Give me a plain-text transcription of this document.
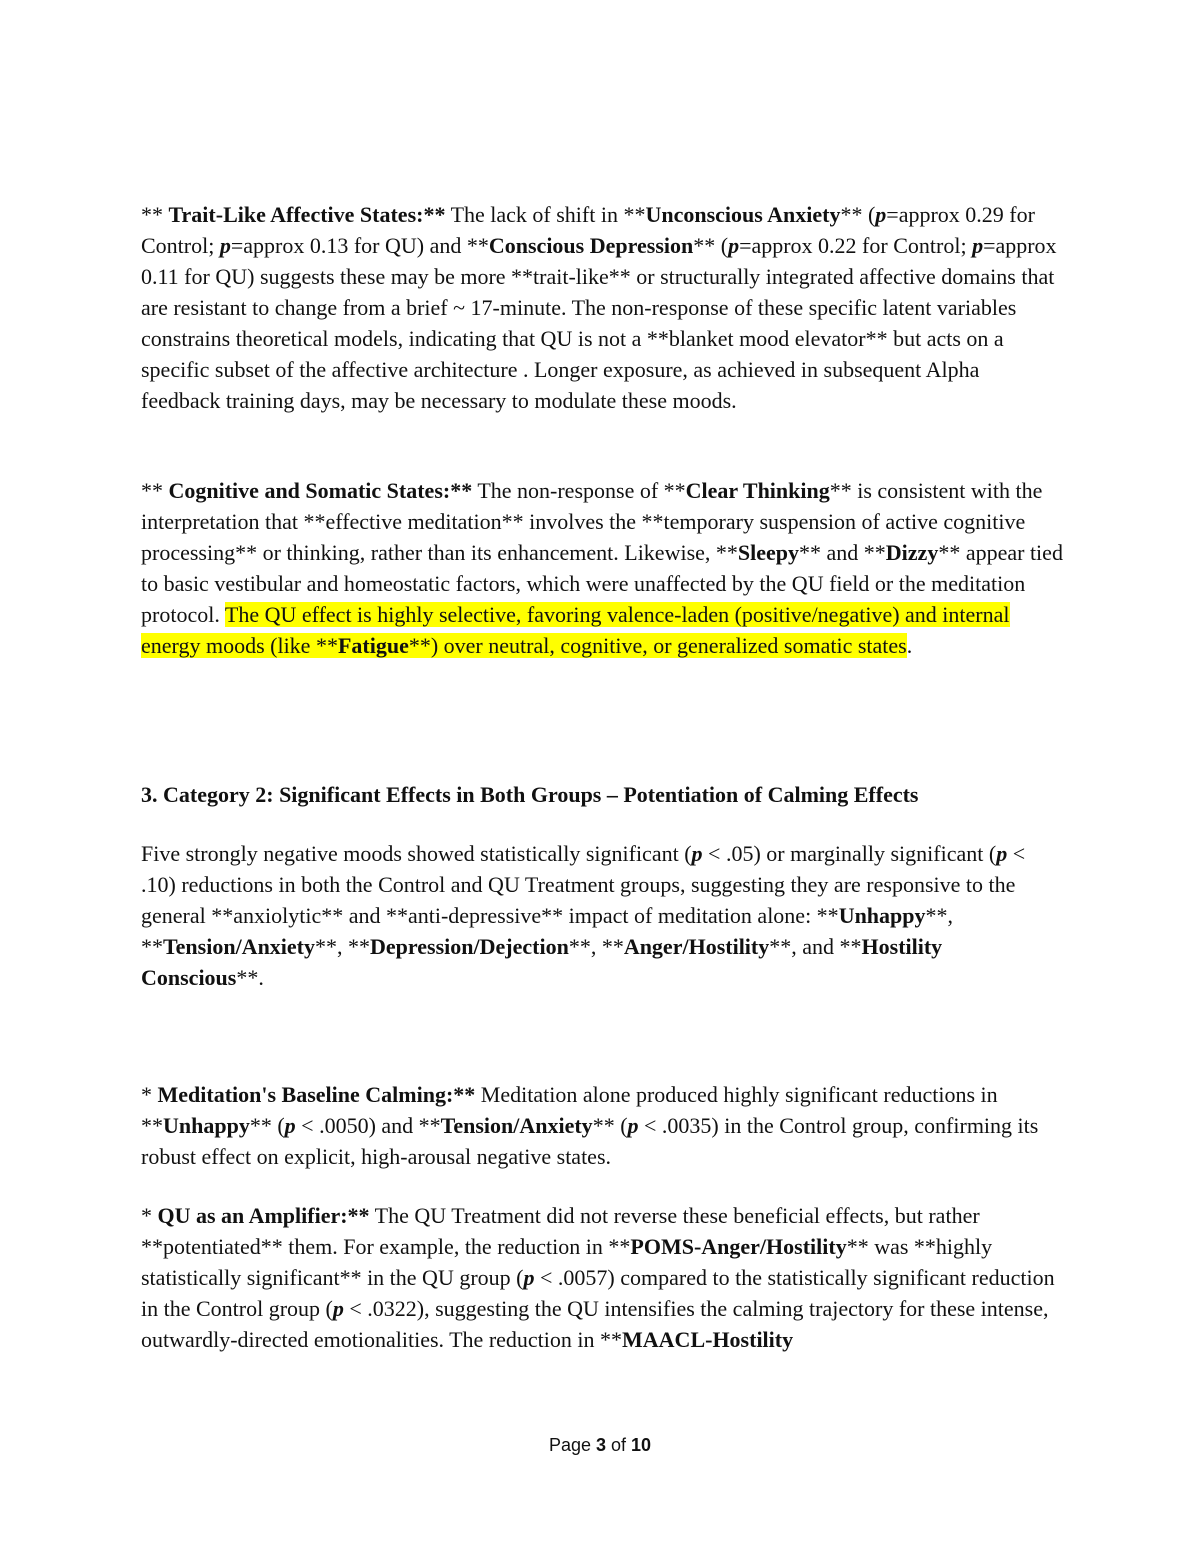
** Trait-Like Affective States:** The lack of shift in **Unconscious Anxiety** (p=approx 0.29 for Control; p=approx 0.13 for QU) and **Conscious Depression** (p=approx 0.22 for Control; p=approx 0.11 for QU) suggests these may be more **trait-like** or structurally integrated affective domains that are resistant to change from a brief ~ 17-minute. The non-response of these specific latent variables constrains theoretical models, indicating that QU is not a **blanket mood elevator** but acts on a specific subset of the affective architecture . Longer exposure, as achieved in subsequent Alpha feedback training days, may be necessary to modulate these moods.
** Cognitive and Somatic States:** The non-response of **Clear Thinking** is consistent with the interpretation that **effective meditation** involves the **temporary suspension of active cognitive processing** or thinking, rather than its enhancement. Likewise, **Sleepy** and **Dizzy** appear tied to basic vestibular and homeostatic factors, which were unaffected by the QU field or the meditation protocol. The QU effect is highly selective, favoring valence-laden (positive/negative) and internal energy moods (like **Fatigue**) over neutral, cognitive, or generalized somatic states.
3. Category 2: Significant Effects in Both Groups – Potentiation of Calming Effects
Five strongly negative moods showed statistically significant (p < .05) or marginally significant (p < .10) reductions in both the Control and QU Treatment groups, suggesting they are responsive to the general **anxiolytic** and **anti-depressive** impact of meditation alone: **Unhappy**, **Tension/Anxiety**, **Depression/Dejection**, **Anger/Hostility**, and **Hostility Conscious**.
* Meditation's Baseline Calming:** Meditation alone produced highly significant reductions in **Unhappy** (p < .0050) and **Tension/Anxiety** (p < .0035) in the Control group, confirming its robust effect on explicit, high-arousal negative states.
* QU as an Amplifier:** The QU Treatment did not reverse these beneficial effects, but rather **potentiated** them. For example, the reduction in **POMS-Anger/Hostility** was **highly statistically significant** in the QU group (p < .0057) compared to the statistically significant reduction in the Control group (p < .0322), suggesting the QU intensifies the calming trajectory for these intense, outwardly-directed emotionalities. The reduction in **MAACL-Hostility
Page 3 of 10
